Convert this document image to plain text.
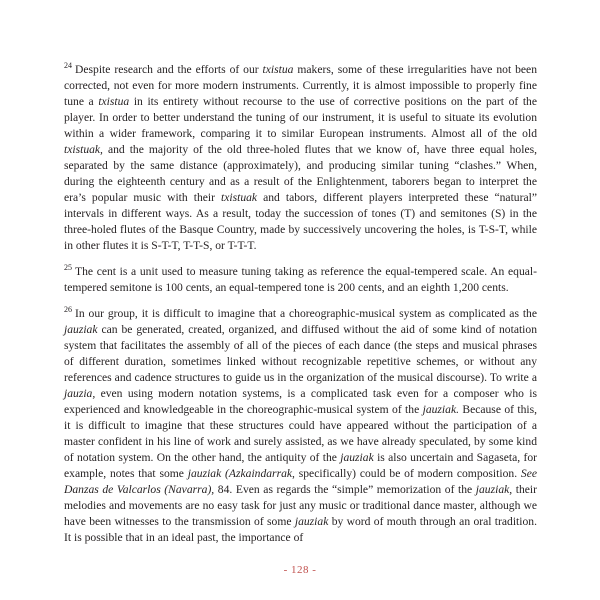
$^{24}$ Despite research and the efforts of our txistua makers, some of these irregularities have not been corrected, not even for more modern instruments. Currently, it is almost impossible to properly fine tune a txistua in its entirety without recourse to the use of corrective positions on the part of the player. In order to better understand the tuning of our instrument, it is useful to situate its evolution within a wider framework, comparing it to similar European instruments. Almost all of the old txistuak, and the majority of the old three-holed flutes that we know of, have three equal holes, separated by the same distance (approximately), and producing similar tuning “clashes.” When, during the eighteenth century and as a result of the Enlightenment, taborers began to interpret the era’s popular music with their txistuak and tabors, different players interpreted these “natural” intervals in different ways. As a result, today the succession of tones (T) and semitones (S) in the three-holed flutes of the Basque Country, made by successively uncovering the holes, is T-S-T, while in other flutes it is S-T-T, T-T-S, or T-T-T.

$^{25}$ The cent is a unit used to measure tuning taking as reference the equal-tempered scale. An equal-tempered semitone is 100 cents, an equal-tempered tone is 200 cents, and an eighth 1,200 cents.

$^{26}$ In our group, it is difficult to imagine that a choreographic-musical system as complicated as the jauziak can be generated, created, organized, and diffused without the aid of some kind of notation system that facilitates the assembly of all of the pieces of each dance (the steps and musical phrases of different duration, sometimes linked without recognizable repetitive schemes, or without any references and cadence structures to guide us in the organization of the musical discourse). To write a jauzia, even using modern notation systems, is a complicated task even for a composer who is experienced and knowledgeable in the choreographic-musical system of the jauziak. Because of this, it is difficult to imagine that these structures could have appeared without the participation of a master confident in his line of work and surely assisted, as we have already speculated, by some kind of notation system. On the other hand, the antiquity of the jauziak is also uncertain and Sagaseta, for example, notes that some jauziak (Azkaindarrak, specifically) could be of modern composition. See Danzas de Valcarlos (Navarra), 84. Even as regards the “simple” memorization of the jauziak, their melodies and movements are no easy task for just any music or traditional dance master, although we have been witnesses to the transmission of some jauziak by word of mouth through an oral tradition. It is possible that in an ideal past, the importance of

- 128 -
